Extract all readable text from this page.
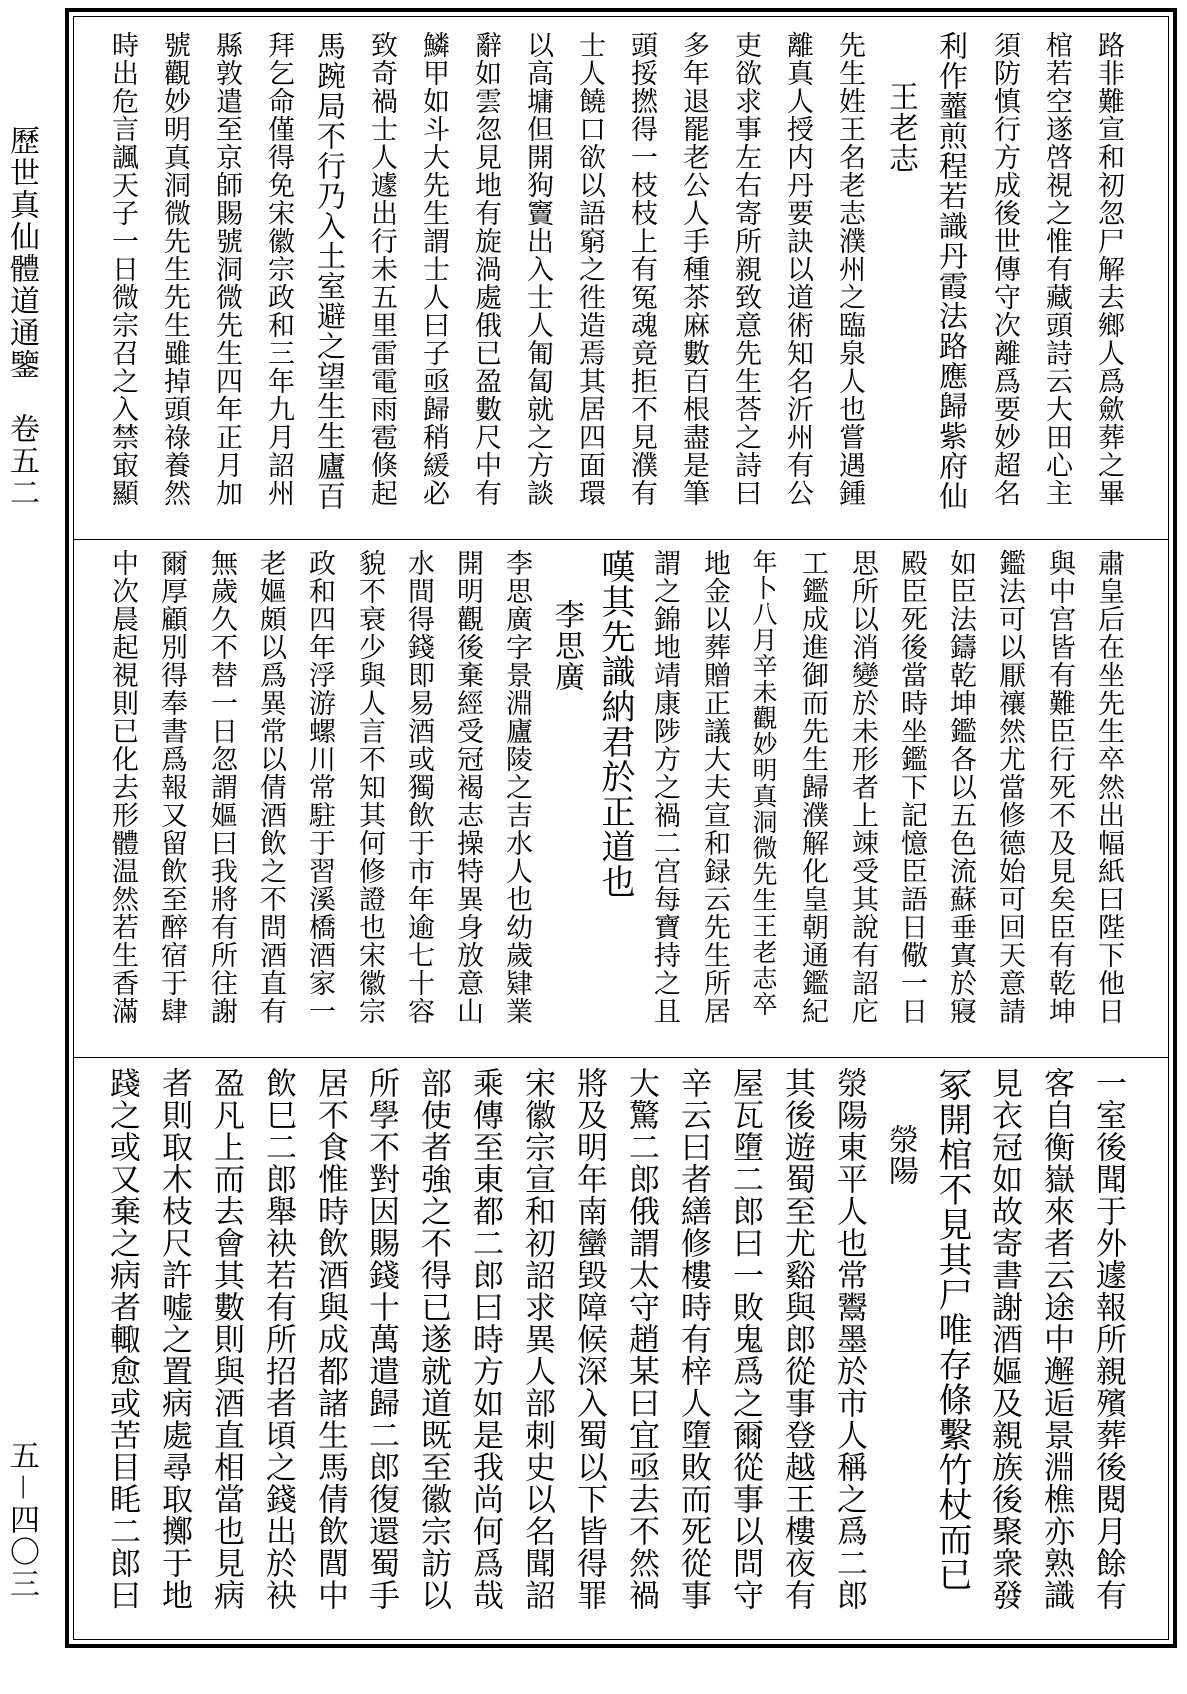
歷世真仙體道通鑒　卷五二
五－四〇三
路非難宣和初忽尸解去鄉人爲歛葬之畢
棺若空遂啓視之惟有藏頭詩云大田心主
須防慎行方成後世傳守次離爲要妙超名
利作虀煎程若識丹霞法路應歸紫府仙
王老志
先生姓王名老志濮州之臨泉人也嘗遇鍾
離真人授内丹要訣以道術知名沂州有公
吏欲求事左右寄所親致意先生荅之詩曰
多年退罷老公人手種茶麻數百根盡是筆
頭挼撚得一枝枝上有冤魂竟拒不見濮有
士人饒口欲以語窮之徃造焉其居四面環
以高墉但開狗竇出入士人匍匐就之方談
辭如雲忽見地有旋渦處俄已盈數尺中有
鱗甲如斗大先生謂士人曰子亟歸稍緩必
致奇禍士人遽出行未五里雷電雨雹倏起
馬踠局不行乃入土室避之望生生廬百
拜乞命僅得免宋徽宗政和三年九月詔州
縣敦遣至京師賜號洞微先生四年正月加
號觀妙明真洞微先生先生雖掉頭祿養然
時出危言諷天子一日微宗召之入禁㝡顯
肅皇后在坐先生卒然出幅紙曰陛下他日
與中宫皆有難臣行死不及見矣臣有乾坤
鑑法可以厭禳然尤當修德始可回天意請
如臣法鑄乾坤鑑各以五色流蘇垂寘於寢
殿臣死後當時坐鑑下記憶臣語日儆一日
思所以消變於未形者上竦受其說有詔庀
工鑑成進御而先生歸濮解化皇朝通鑑紀
年卜八月辛未觀妙明真洞微先生王老志卒
地金以葬贈正議大夫宣和録云先生所居
謂之錦地靖康陟方之禍二宫每寶持之且
嘆其先識納君於正道也
李思廣
李思廣字景淵廬陵之吉水人也幼歲肄業
開明觀後棄經受冠褐志操特異身放意山
水間得錢即易酒或獨飲于市年逾七十容
貌不衰少與人言不知其何修證也宋徽宗
政和四年浮游螺川常駐于習溪橋酒家一
老嫗頗以爲異常以倩酒飲之不問酒直有
無歲久不替一日忽謂嫗曰我將有所往謝
爾厚顧別得奉書爲報又留飲至醉宿于肆
中次晨起視則已化去形體温然若生香滿
一室後聞于外遽報所親殯葬後閱月餘有
客自衡嶽來者云途中邂逅景淵樵亦熟識
見衣冠如故寄書謝酒嫗及親族後聚衆發
冢開棺不見其尸唯存條繫竹杖而已
滎陽
滎陽東平人也常鬻墨於市人稱之爲二郎
其後遊蜀至尤谿與郎從事登越王樓夜有
屋瓦墮二郎曰一敗鬼爲之爾從事以問守
辛云曰者繕修樓時有梓人墮敗而死從事
大驚二郎俄謂太守趙某曰宜亟去不然禍
將及明年南蠻毀障候深入蜀以下皆得罪
宋徽宗宣和初詔求異人部刺史以名聞詔
乘傳至東都二郎曰時方如是我尚何爲哉
部使者強之不得已遂就道既至徽宗訪以
所學不對因賜錢十萬遣歸二郎復還蜀手
居不食惟時飲酒與成都諸生馬倩飲閭中
飲巳二郎舉袂若有所招者頃之錢出於袂
盈凡上而去會其數則與酒直相當也見病
者則取木枝尺許嘘之置病處尋取擲于地
踐之或又棄之病者輙愈或苦目眊二郎曰
